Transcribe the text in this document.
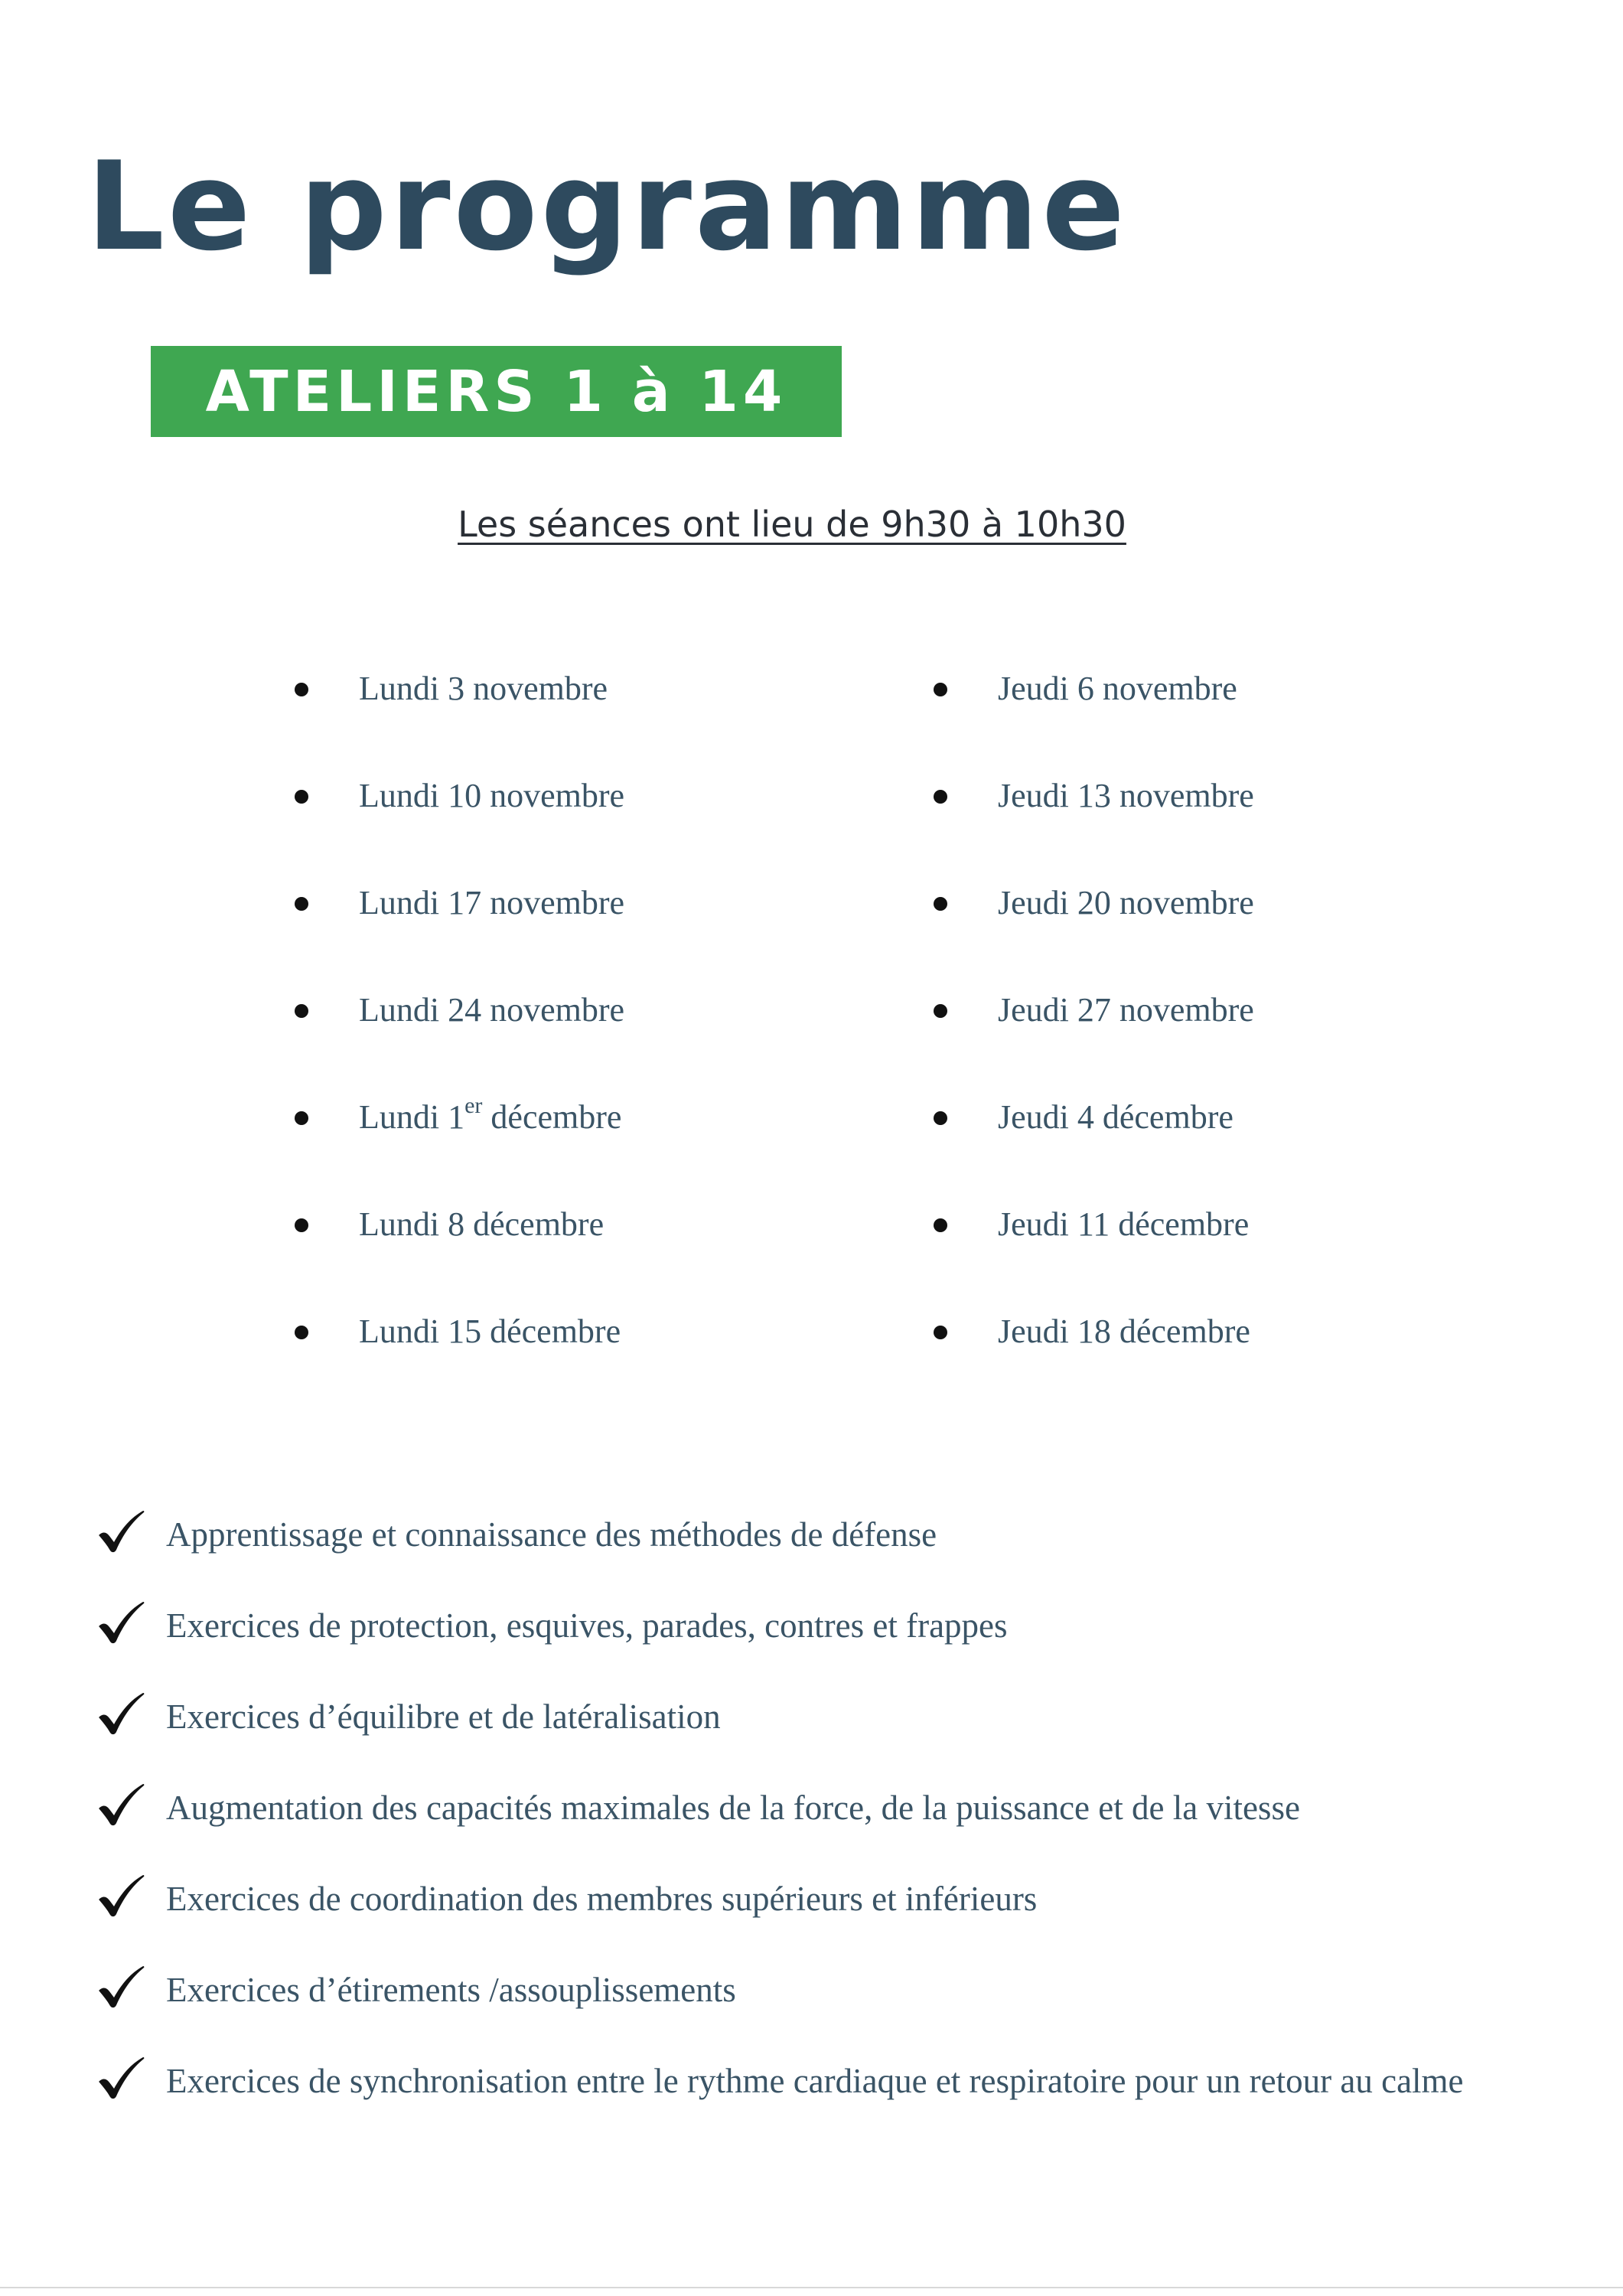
Le programme
ATELIERS 1 à 14
Les séances ont lieu de 9h30 à 10h30
Lundi 3 novembre
Lundi 10 novembre
Lundi 17 novembre
Lundi 24 novembre
Lundi 1er décembre
Lundi 8 décembre
Lundi 15 décembre
Jeudi 6 novembre
Jeudi 13 novembre
Jeudi 20 novembre
Jeudi 27 novembre
Jeudi 4 décembre
Jeudi 11 décembre
Jeudi 18 décembre
Apprentissage et connaissance des méthodes de défense
Exercices de protection, esquives, parades, contres et frappes
Exercices d’équilibre et de latéralisation
Augmentation des capacités maximales de la force, de la puissance et de la vitesse
Exercices de coordination des membres supérieurs et inférieurs
Exercices d’étirements /assouplissements
Exercices de synchronisation entre le rythme cardiaque et respiratoire pour un retour au calme
